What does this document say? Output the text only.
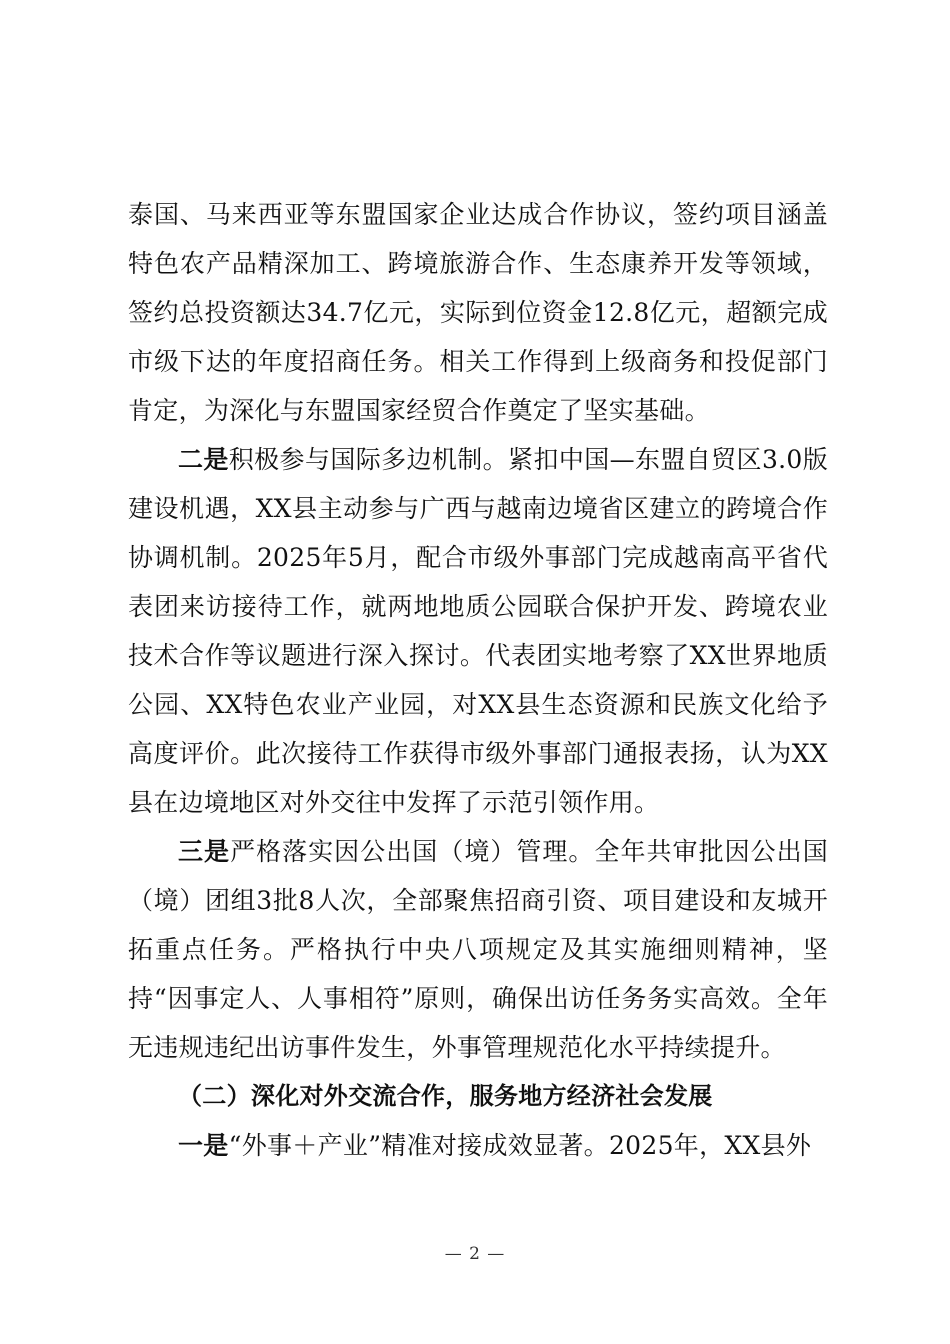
泰国、马来西亚等东盟国家企业达成合作协议，签约项目涵盖特色农产品精深加工、跨境旅游合作、生态康养开发等领域，签约总投资额达34.7亿元，实际到位资金12.8亿元，超额完成市级下达的年度招商任务。相关工作得到上级商务和投促部门肯定，为深化与东盟国家经贸合作奠定了坚实基础。

二是积极参与国际多边机制。紧扣中国—东盟自贸区3.0版建设机遇，XX县主动参与广西与越南边境省区建立的跨境合作协调机制。2025年5月，配合市级外事部门完成越南高平省代表团来访接待工作，就两地地质公园联合保护开发、跨境农业技术合作等议题进行深入探讨。代表团实地考察了XX世界地质公园、XX特色农业产业园，对XX县生态资源和民族文化给予高度评价。此次接待工作获得市级外事部门通报表扬，认为XX县在边境地区对外交往中发挥了示范引领作用。

三是严格落实因公出国（境）管理。全年共审批因公出国（境）团组3批8人次，全部聚焦招商引资、项目建设和友城开拓重点任务。严格执行中央八项规定及其实施细则精神，坚持“因事定人、人事相符”原则，确保出访任务务实高效。全年无违规违纪出访事件发生，外事管理规范化水平持续提升。

（二）深化对外交流合作，服务地方经济社会发展

一是“外事＋产业”精准对接成效显著。2025年，XX县外

— 2 —
